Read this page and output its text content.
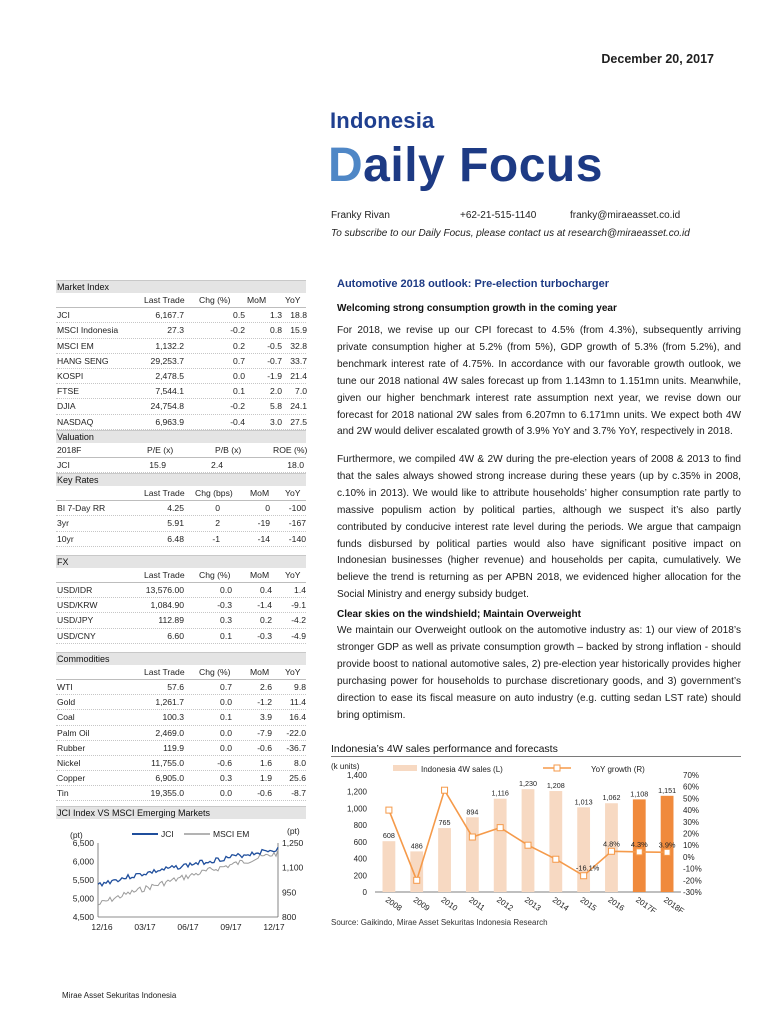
December 20, 2017
Indonesia
Daily Focus
Franky Rivan	+62-21-515-1140	franky@miraeasset.co.id
To subscribe to our Daily Focus, please contact us at research@miraeasset.co.id
Market Index
Last Trade Chg (%) MoM YoY
JCI	6,167.7	0.5	1.3 18.8
MSCI Indonesia	27.3	-0.2	0.8 15.9
MSCI EM	1,132.2	0.2	-0.5 32.8
HANG SENG	29,253.7	0.7	-0.7 33.7
KOSPI	2,478.5	0.0	-1.9 21.4
FTSE	7,544.1	0.1	2.0 7.0
DJIA	24,754.8	-0.2	5.8 24.1
NASDAQ	6,963.9	-0.4	3.0 27.5
Valuation
2018F	P/E (x)	P/B (x)	ROE (%)
JCI	15.9	2.4	18.0
Key Rates
Last Trade Chg (bps) MoM YoY
BI 7-Day RR	4.25	0	0 -100
3yr	5.91	2	-19 -167
10yr	6.48	-1	-14 -140
FX
Last Trade Chg (%) MoM YoY
USD/IDR	13,576.00	0.0	0.4	1.4
USD/KRW	1,084.90	-0.3	-1.4 -9.1
USD/JPY	112.89	0.3	0.2 -4.2
USD/CNY	6.60	0.1	-0.3 -4.9
Commodities
Last Trade Chg (%) MoM YoY
WTI	57.6	0.7	2.6	9.8
Gold	1,261.7	0.0	-1.2 11.4
Coal	100.3	0.1	3.9 16.4
Palm Oil	2,469.0	0.0	-7.9 -22.0
Rubber	119.9	0.0	-0.6 -36.7
Nickel	11,755.0	-0.6	1.6	8.0
Copper	6,905.0	0.3	1.9 25.6
Tin	19,355.0	0.0	-0.6 -8.7
JCI Index VS MSCI Emerging Markets
(pt)	(pt)
JCI	MSCI EM
6,500
6,000
5,500
5,000
4,500
1,250
1,100
950
800
12/16	03/17	06/17	09/17	12/17
Automotive 2018 outlook: Pre-election turbocharger
Welcoming strong consumption growth in the coming year
For 2018, we revise up our CPI forecast to 4.5% (from 4.3%), subsequently arriving private consumption higher at 5.2% (from 5%), GDP growth of 5.3% (from 5.2%), and benchmark interest rate of 4.75%. In accordance with our favorable growth outlook, we tune our 2018 national 4W sales forecast up from 1.143mn to 1.151mn units. Meanwhile, given our higher benchmark interest rate assumption next year, we revise down our forecast for 2018 national 2W sales from 6.207mn to 6.171mn units. We expect both 4W and 2W would deliver escalated growth of 3.9% YoY and 3.7% YoY, respectively in 2018.
Furthermore, we compiled 4W & 2W during the pre-election years of 2008 & 2013 to find that the sales always showed strong increase during these years (up by c.35% in 2008, c.10% in 2013). We would like to attribute households’ higher consumption rate partly to massive populism action by political parties, although we suspect it’s also partly contributed by conducive interest rate level during the periods. We argue that campaign funds disbursed by political parties would also have significant positive impact on Indonesian businesses (higher revenue) and households per capita, cumulatively. We believe the trend is returning as per APBN 2018, we evidenced higher allocation for the Social Ministry and energy subsidy budget.
Clear skies on the windshield; Maintain Overweight
We maintain our Overweight outlook on the automotive industry as: 1) our view of 2018’s stronger GDP as well as private consumption growth – backed by strong inflation - should provide boost to national automotive sales, 2) pre-election year historically provides higher purchasing power for households to purchase discretionary goods, and 3) government’s direction to ease its fiscal measure on auto industry (e.g. cutting sedan LST rate) should bring optimism.
Indonesia’s 4W sales performance and forecasts
(k units)	Indonesia 4W sales (L)	YoY growth (R)
1,400
1,200
1,000
800
600
400
200
0
70%
60%
50%
40%
30%
20%
10%
0%
-10%
-20%
-30%
608
2008
486
2009
765
2010
894
2011
1,116
2012
1,230
2013
1,208
2014
1,013
2015
1,062
2016
1,108
2017F
1,151
2018F
-16.1%
4.8% 4.3% 3.9%
Source: Gaikindo, Mirae Asset Sekuritas Indonesia Research
Mirae Asset Sekuritas Indonesia
